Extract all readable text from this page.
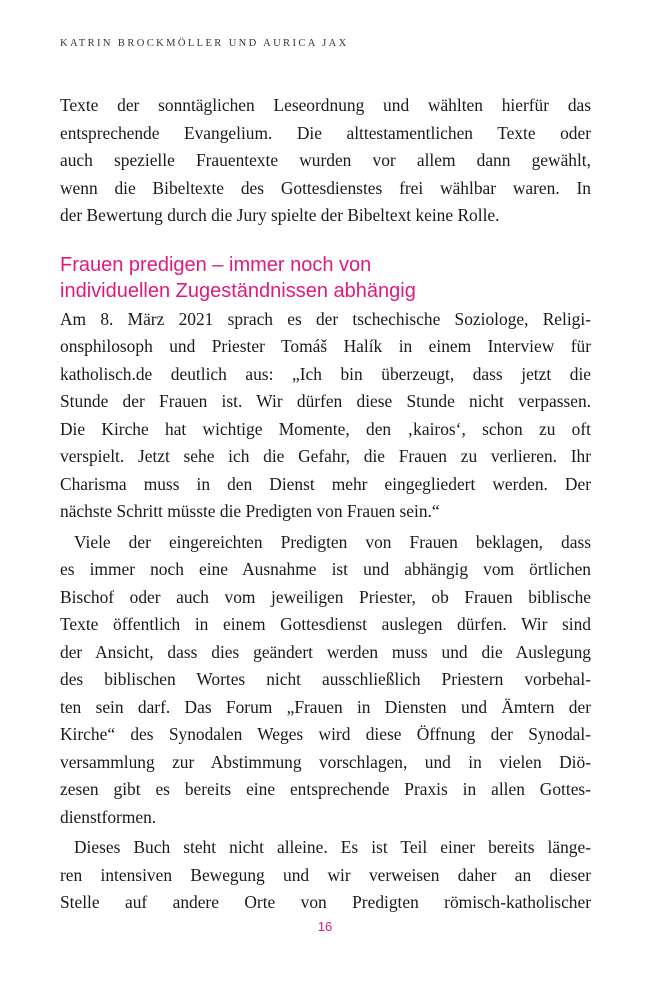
KATRIN BROCKMÖLLER UND AURICA JAX
Texte der sonntäglichen Leseordnung und wählten hierfür das
entsprechende Evangelium. Die alttestamentlichen Texte oder
auch spezielle Frauentexte wurden vor allem dann gewählt,
wenn die Bibeltexte des Gottesdienstes frei wählbar waren. In
der Bewertung durch die Jury spielte der Bibeltext keine Rolle.
Frauen predigen – immer noch von
individuellen Zugeständnissen abhängig
Am 8. März 2021 sprach es der tschechische Soziologe, Religi-
onsphilosoph und Priester Tomáš Halík in einem Interview für
katholisch.de deutlich aus: „Ich bin überzeugt, dass jetzt die
Stunde der Frauen ist. Wir dürfen diese Stunde nicht verpassen.
Die Kirche hat wichtige Momente, den ‚kairos‘, schon zu oft
verspielt. Jetzt sehe ich die Gefahr, die Frauen zu verlieren. Ihr
Charisma muss in den Dienst mehr eingegliedert werden. Der
nächste Schritt müsste die Predigten von Frauen sein.“
Viele der eingereichten Predigten von Frauen beklagen, dass
es immer noch eine Ausnahme ist und abhängig vom örtlichen
Bischof oder auch vom jeweiligen Priester, ob Frauen biblische
Texte öffentlich in einem Gottesdienst auslegen dürfen. Wir sind
der Ansicht, dass dies geändert werden muss und die Auslegung
des biblischen Wortes nicht ausschließlich Priestern vorbehal-
ten sein darf. Das Forum „Frauen in Diensten und Ämtern der
Kirche“ des Synodalen Weges wird diese Öffnung der Synodal-
versammlung zur Abstimmung vorschlagen, und in vielen Diö-
zesen gibt es bereits eine entsprechende Praxis in allen Gottes-
dienstformen.
Dieses Buch steht nicht alleine. Es ist Teil einer bereits länge-
ren intensiven Bewegung und wir verweisen daher an dieser
Stelle auf andere Orte von Predigten römisch-katholischer
16
